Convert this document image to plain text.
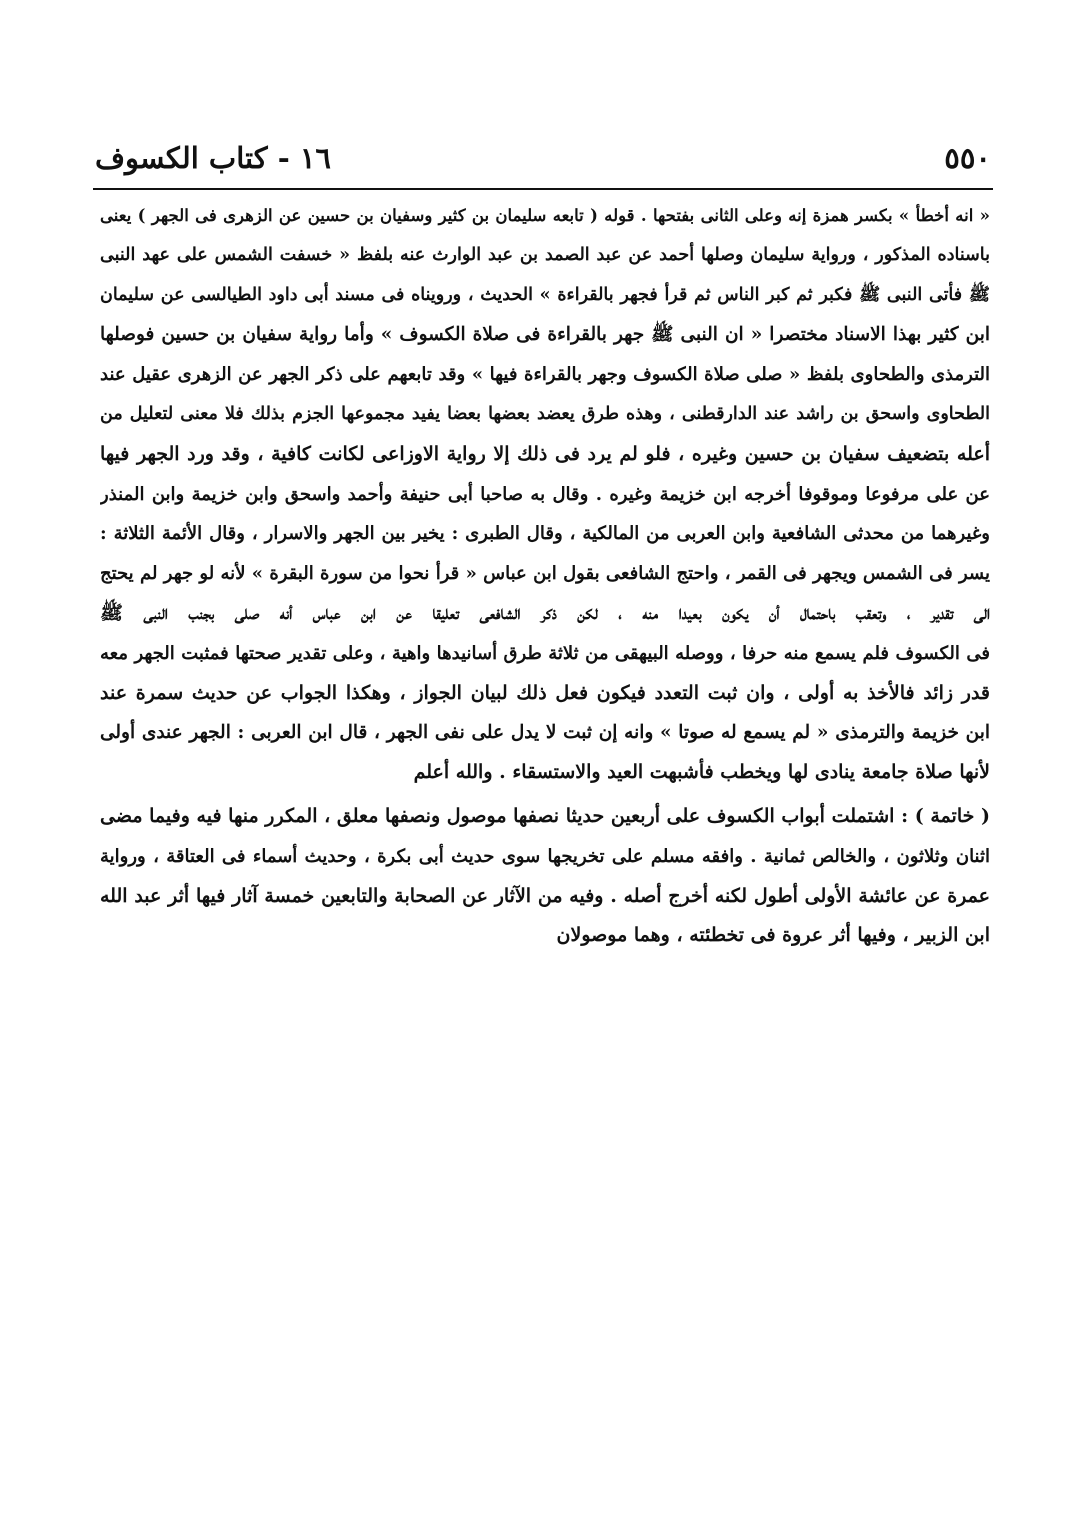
٥٥٠
١٦ - كتاب الكسوف
« انه أخطأ » بكسر همزة إنه وعلى الثانى بفتحها . قوله ( تابعه سليمان بن كثير وسفيان بن حسين عن الزهرى فى الجهر ) يعنى
باسناده المذكور ، ورواية سليمان وصلها أحمد عن عبد الصمد بن عبد الوارث عنه بلفظ « خسفت الشمس على عهد النبى
ﷺ فأتى النبى ﷺ فكبر ثم كبر الناس ثم قرأ فجهر بالقراءة » الحديث ، ورويناه فى مسند أبى داود الطيالسى عن سليمان
ابن كثير بهذا الاسناد مختصرا « ان النبى ﷺ جهر بالقراءة فى صلاة الكسوف » وأما رواية سفيان بن حسين فوصلها
الترمذى والطحاوى بلفظ « صلى صلاة الكسوف وجهر بالقراءة فيها » وقد تابعهم على ذكر الجهر عن الزهرى عقيل عند
الطحاوى واسحق بن راشد عند الدارقطنى ، وهذه طرق يعضد بعضها بعضا يفيد مجموعها الجزم بذلك فلا معنى لتعليل من
أعله بتضعيف سفيان بن حسين وغيره ، فلو لم يرد فى ذلك إلا رواية الاوزاعى لكانت كافية ، وقد ورد الجهر فيها
عن على مرفوعا وموقوفا أخرجه ابن خزيمة وغيره . وقال به صاحبا أبى حنيفة وأحمد واسحق وابن خزيمة وابن المنذر
وغيرهما من محدثى الشافعية وابن العربى من المالكية ، وقال الطبرى : يخير بين الجهر والاسرار ، وقال الأئمة الثلاثة :
يسر فى الشمس ويجهر فى القمر ، واحتج الشافعى بقول ابن عباس « قرأ نحوا من سورة البقرة » لأنه لو جهر لم يحتج
الى تقدير ، وتعقب باحتمال أن يكون بعيدا منه ، لكن ذكر الشافعى تعليقا عن ابن عباس أنه صلى بجنب النبى ﷺ
فى الكسوف فلم يسمع منه حرفا ، ووصله البيهقى من ثلاثة طرق أسانيدها واهية ، وعلى تقدير صحتها فمثبت الجهر معه
قدر زائد فالأخذ به أولى ، وان ثبت التعدد فيكون فعل ذلك لبيان الجواز ، وهكذا الجواب عن حديث سمرة عند
ابن خزيمة والترمذى « لم يسمع له صوتا » وانه إن ثبت لا يدل على نفى الجهر ، قال ابن العربى : الجهر عندى أولى
لأنها صلاة جامعة ينادى لها ويخطب فأشبهت العيد والاستسقاء . والله أعلم
( خاتمة ) : اشتملت أبواب الكسوف على أربعين حديثا نصفها موصول ونصفها معلق ، المكرر منها فيه وفيما مضى
اثنان وثلاثون ، والخالص ثمانية . وافقه مسلم على تخريجها سوى حديث أبى بكرة ، وحديث أسماء فى العتاقة ، ورواية
عمرة عن عائشة الأولى أطول لكنه أخرج أصله . وفيه من الآثار عن الصحابة والتابعين خمسة آثار فيها أثر عبد الله
ابن الزبير ، وفيها أثر عروة فى تخطئته ، وهما موصولان
